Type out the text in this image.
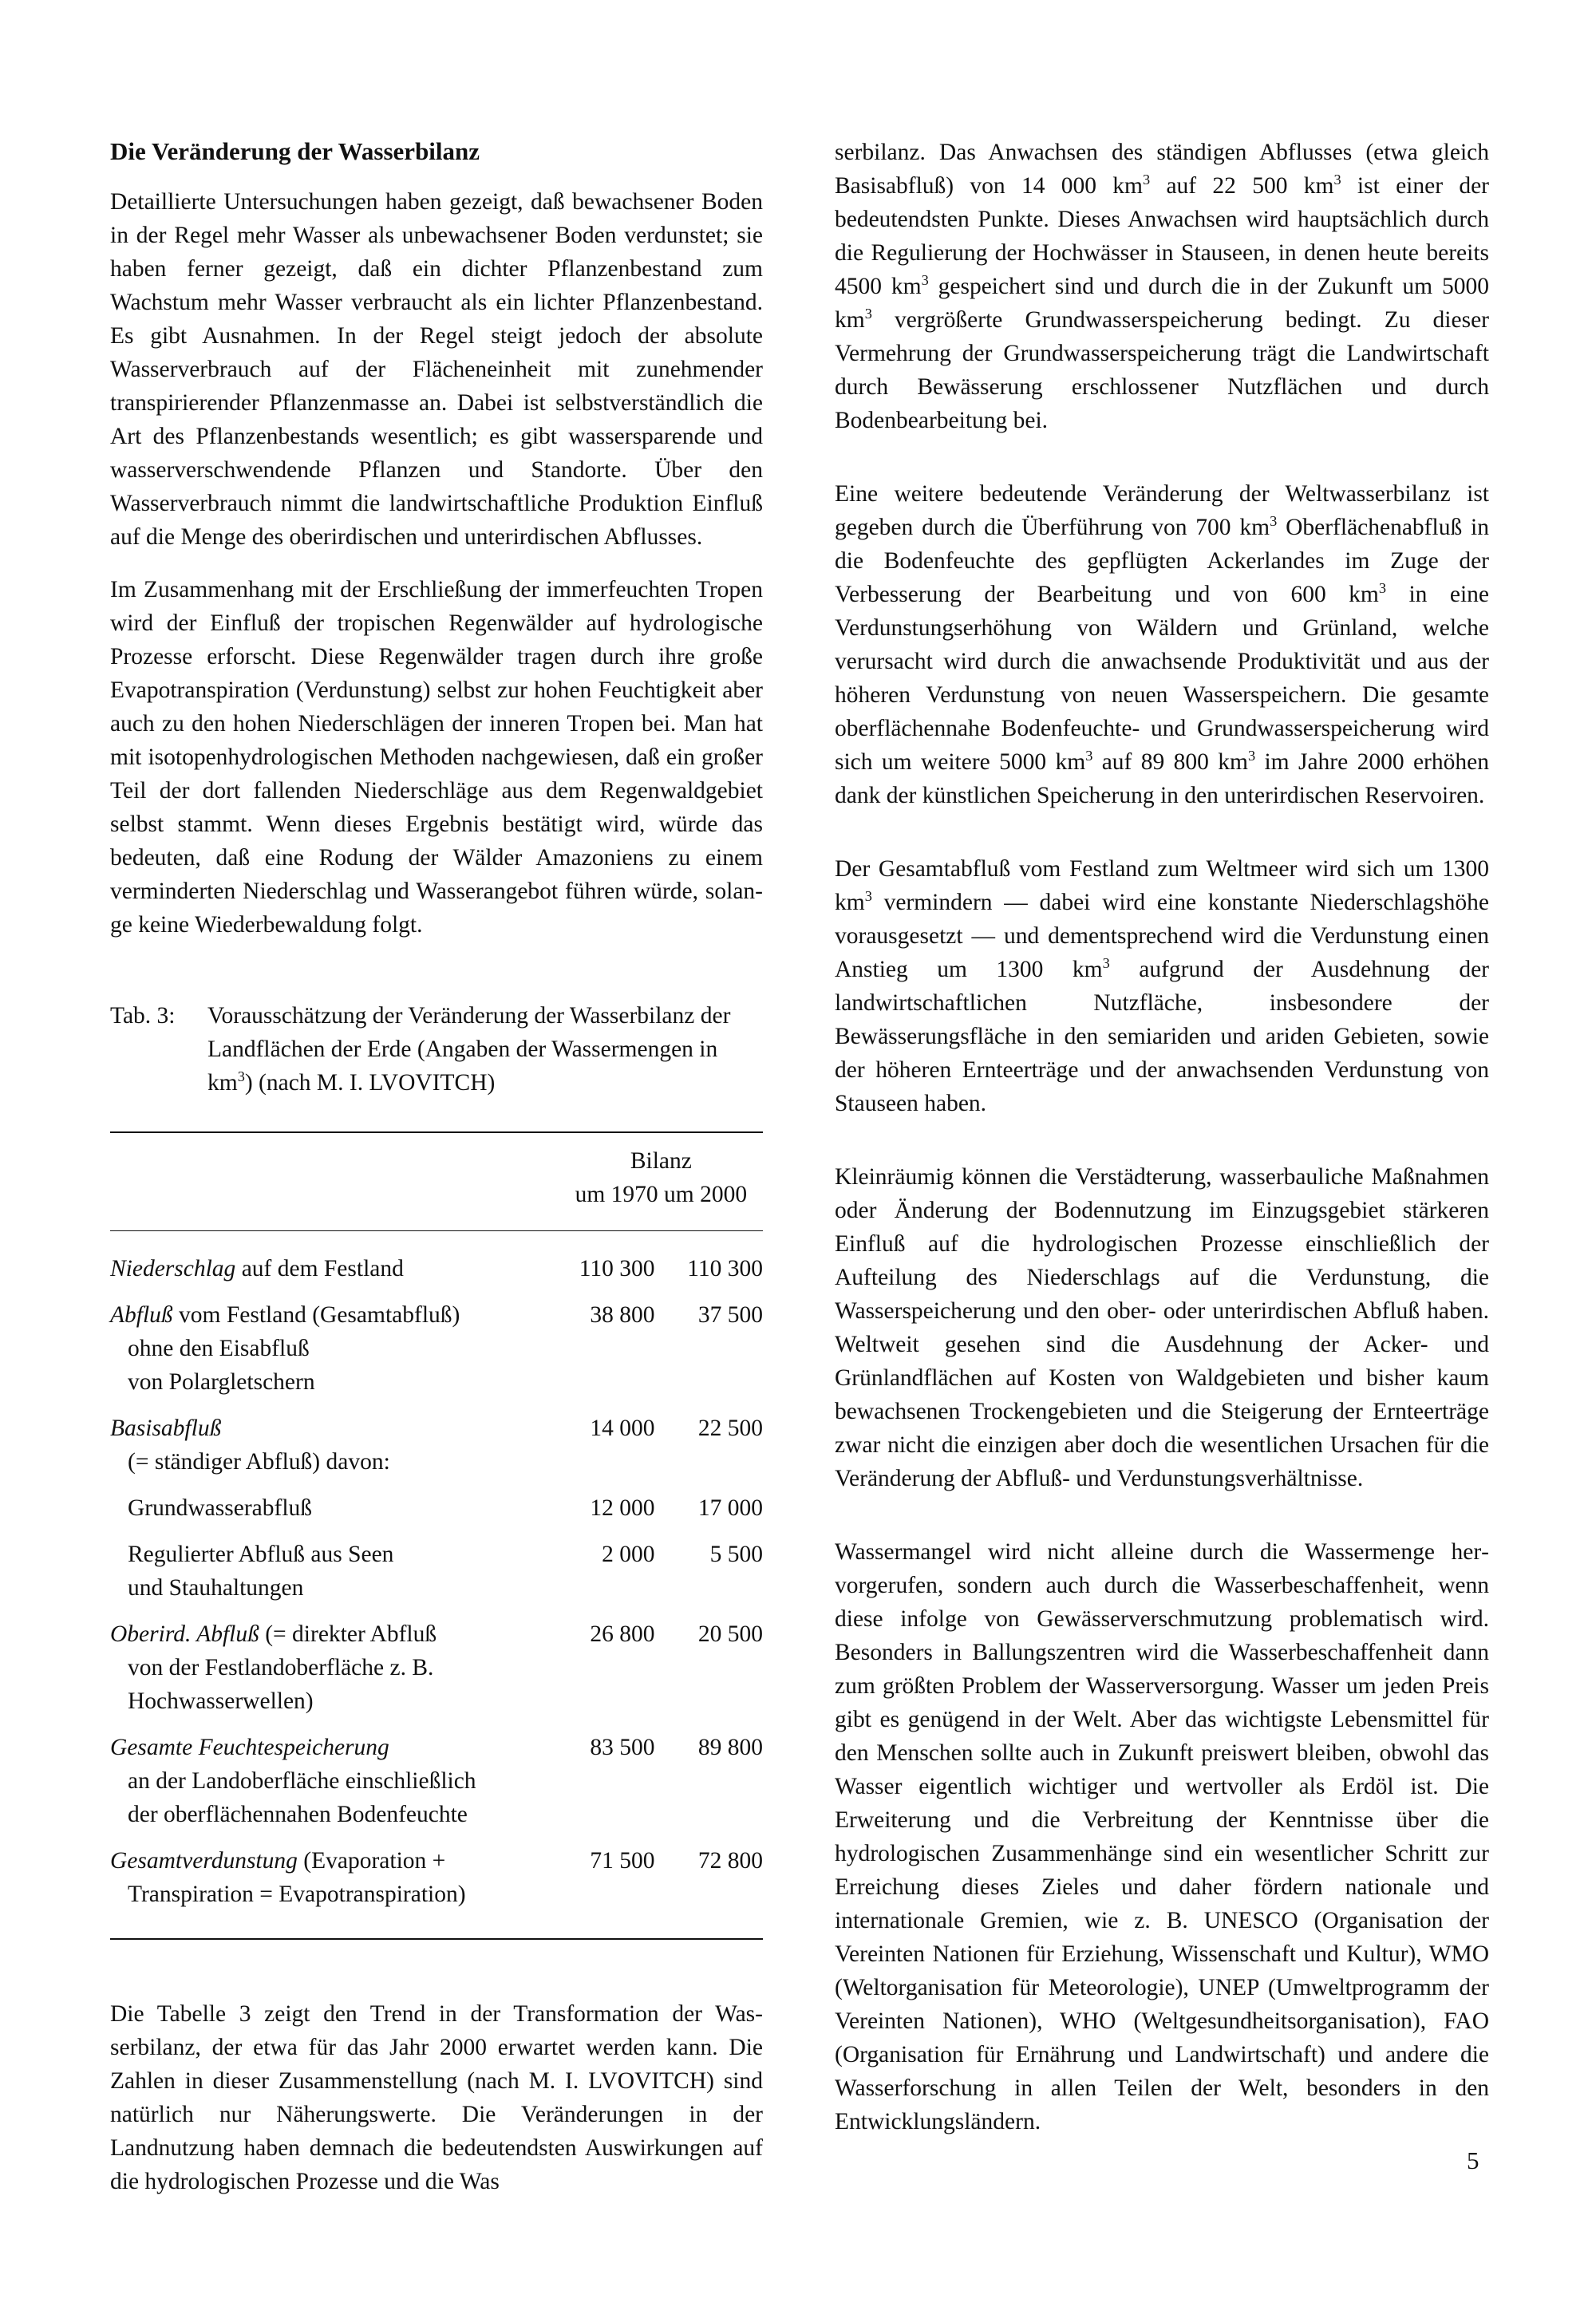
Die Veränderung der Wasserbilanz

Detaillierte Untersuchungen haben gezeigt, daß bewachsener Boden in der Regel mehr Wasser als unbewachsener Boden verdunstet; sie haben ferner gezeigt, daß ein dichter Pflanzenbestand zum Wachstum mehr Wasser verbraucht als ein lichter Pflanzenbestand. Es gibt Ausnahmen. In der Regel steigt jedoch der absolute Wasserverbrauch auf der Flächeneinheit mit zunehmender transpirierender Pflanzenmasse an. Dabei ist selbstverständlich die Art des Pflanzenbestands wesentlich; es gibt wassersparende und wasserverschwendende Pflanzen und Standorte. Über den Wasserverbrauch nimmt die landwirtschaftliche Produktion Einfluß auf die Menge des oberirdischen und unterirdischen Abflusses.

Im Zusammenhang mit der Erschließung der immerfeuchten Tropen wird der Einfluß der tropischen Regenwälder auf hydrologische Prozesse erforscht. Diese Regenwälder tragen durch ihre große Evapotranspiration (Verdunstung) selbst zur hohen Feuchtigkeit aber auch zu den hohen Niederschlägen der inneren Tropen bei. Man hat mit isotopenhydrologischen Methoden nachgewiesen, daß ein großer Teil der dort fallenden Niederschläge aus dem Regenwaldgebiet selbst stammt. Wenn dieses Ergebnis bestätigt wird, würde das bedeuten, daß eine Rodung der Wälder Amazoniens zu einem verminderten Niederschlag und Wasserangebot führen würde, solange keine Wiederbewaldung folgt.

Tab. 3:	Vorausschätzung der Veränderung der Wasserbilanz der Landflächen der Erde (Angaben der Wassermengen in $km^3$) (nach M. I. LVOVITCH)

	Bilanz
um 1970 um 2000	

Niederschlag auf dem Festland	110 300	110 300

Abfluß vom Festland (Gesamtabfluß)
ohne den Eisabfluß
von Polargletschern	38 800	37 500

Basisabfluß
(= ständiger Abfluß) davon:	14 000	22 500

Grundwasserabfluß	12 000	17 000

Regulierter Abfluß aus Seen
und Stauhaltungen	2 000	5 500

Oberird. Abfluß (= direkter Abfluß
von der Festlandoberfläche z. B.
Hochwasserwellen)	26 800	20 500

Gesamte Feuchtespeicherung
an der Landoberfläche einschließlich
der oberflächennahen Bodenfeuchte	83 500	89 800

Gesamtverdunstung (Evaporation +
Transpiration = Evapotranspiration)	71 500	72 800

Die Tabelle 3 zeigt den Trend in der Transformation der Wasserbilanz, der etwa für das Jahr 2000 erwartet werden kann. Die Zahlen in dieser Zusammenstellung (nach M. I. LVOVITCH) sind natürlich nur Näherungswerte. Die Veränderungen in der Landnutzung haben demnach die bedeutendsten Auswirkungen auf die hydrologischen Prozesse und die Was

serbilanz. Das Anwachsen des ständigen Abflusses (etwa gleich Basisabfluß) von 14 000 $km^3$ auf 22 500 $km^3$ ist einer der bedeutendsten Punkte. Dieses Anwachsen wird hauptsächlich durch die Regulierung der Hochwässer in Stauseen, in denen heute bereits 4500 $km^3$ gespeichert sind und durch die in der Zukunft um 5000 $km^3$ vergrößerte Grundwasserspeicherung bedingt. Zu dieser Vermehrung der Grundwasserspeicherung trägt die Landwirtschaft durch Bewässerung erschlossener Nutzflächen und durch Bodenbearbeitung bei.

Eine weitere bedeutende Veränderung der Weltwasserbilanz ist gegeben durch die Überführung von 700 $km^3$ Oberflächenabfluß in die Bodenfeuchte des gepflügten Ackerlandes im Zuge der Verbesserung der Bearbeitung und von 600 $km^3$ in eine Verdunstungserhöhung von Wäldern und Grünland, welche verursacht wird durch die anwachsende Produktivität und aus der höheren Verdunstung von neuen Wasserspeichern. Die gesamte oberflächennahe Bodenfeuchte- und Grundwasserspeicherung wird sich um weitere 5000 $km^3$ auf 89 800 $km^3$ im Jahre 2000 erhöhen dank der künstlichen Speicherung in den unterirdischen Reservoiren.

Der Gesamtabfluß vom Festland zum Weltmeer wird sich um 1300 $km^3$ vermindern — dabei wird eine konstante Niederschlagshöhe vorausgesetzt — und dementsprechend wird die Verdunstung einen Anstieg um 1300 $km^3$ aufgrund der Ausdehnung der landwirtschaftlichen Nutzfläche, insbesondere der Bewässerungsfläche in den semiariden und ariden Gebieten, sowie der höheren Ernteerträge und der anwachsenden Verdunstung von Stauseen haben.

Kleinräumig können die Verstädterung, wasserbauliche Maßnahmen oder Änderung der Bodennutzung im Einzugsgebiet stärkeren Einfluß auf die hydrologischen Prozesse einschließlich der Aufteilung des Niederschlags auf die Verdunstung, die Wasserspeicherung und den ober- oder unterirdischen Abfluß haben. Weltweit gesehen sind die Ausdehnung der Acker- und Grünlandflächen auf Kosten von Waldgebieten und bisher kaum bewachsenen Trockengebieten und die Steigerung der Ernteerträge zwar nicht die einzigen aber doch die wesentlichen Ursachen für die Veränderung der Abfluß- und Verdunstungsverhältnisse.

Wassermangel wird nicht alleine durch die Wassermenge hervorgerufen, sondern auch durch die Wasserbeschaffenheit, wenn diese infolge von Gewässerverschmutzung problematisch wird. Besonders in Ballungszentren wird die Wasserbeschaffenheit dann zum größten Problem der Wasserversorgung. Wasser um jeden Preis gibt es genügend in der Welt. Aber das wichtigste Lebensmittel für den Menschen sollte auch in Zukunft preiswert bleiben, obwohl das Wasser eigentlich wichtiger und wertvoller als Erdöl ist. Die Erweiterung und die Verbreitung der Kenntnisse über die hydrologischen Zusammenhänge sind ein wesentlicher Schritt zur Erreichung dieses Zieles und daher fördern nationale und internationale Gremien, wie z. B. UNESCO (Organisation der Vereinten Nationen für Erziehung, Wissenschaft und Kultur), WMO (Weltorganisation für Meteorologie), UNEP (Umweltprogramm der Vereinten Nationen), WHO (Weltgesundheitsorganisation), FAO (Organisation für Ernährung und Landwirtschaft) und andere die Wasserforschung in allen Teilen der Welt, besonders in den Entwicklungsländern.

5
